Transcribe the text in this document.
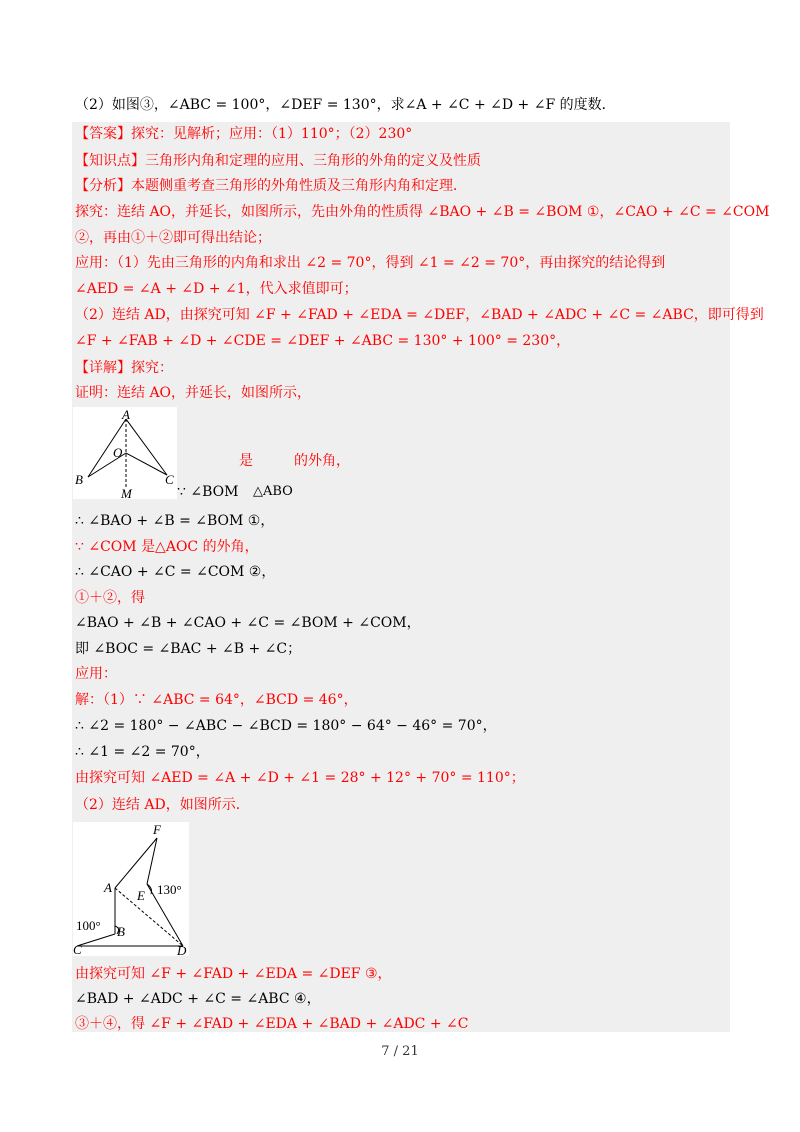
（2）如图③，∠ABC = 100°，∠DEF = 130°，求∠A + ∠C + ∠D + ∠F 的度数．
【答案】探究：见解析；应用：（1）110°；（2）230°
【知识点】三角形内角和定理的应用、三角形的外角的定义及性质
【分析】本题侧重考查三角形的外角性质及三角形内角和定理．
探究：连结 AO，并延长，如图所示，先由外角的性质得 ∠BAO + ∠B = ∠BOM ①，∠CAO + ∠C = ∠COM
②，再由①＋②即可得出结论；
应用：（1）先由三角形的内角和求出 ∠2 = 70°，得到 ∠1 = ∠2 = 70°，再由探究的结论得到
∠AED = ∠A + ∠D + ∠1，代入求值即可；
（2）连结 AD，由探究可知 ∠F + ∠FAD + ∠EDA = ∠DEF，∠BAD + ∠ADC + ∠C = ∠ABC，即可得到
∠F + ∠FAB + ∠D + ∠CDE = ∠DEF + ∠ABC = 130° + 100° = 230°，
【详解】探究：
证明：连结 AO，并延长，如图所示，
A
O
B	C
M
是	的外角，
∵ ∠BOM △ABO
∴ ∠BAO + ∠B = ∠BOM ①，
∵ ∠COM 是△AOC 的外角，
∴ ∠CAO + ∠C = ∠COM ②，
①＋②，得
∠BAO + ∠B + ∠CAO + ∠C = ∠BOM + ∠COM，
即 ∠BOC = ∠BAC + ∠B + ∠C；
应用：
解：（1）∵ ∠ABC = 64°，∠BCD = 46°，
∴ ∠2 = 180° − ∠ABC − ∠BCD = 180° − 64° − 46° = 70°，
∴ ∠1 = ∠2 = 70°，
由探究可知 ∠AED = ∠A + ∠D + ∠1 = 28° + 12° + 70° = 110°；
（2）连结 AD，如图所示．
F
A
E 130°
100°
C
B
D
由探究可知 ∠F + ∠FAD + ∠EDA = ∠DEF ③，
∠BAD + ∠ADC + ∠C = ∠ABC ④，
③＋④，得 ∠F + ∠FAD + ∠EDA + ∠BAD + ∠ADC + ∠C
7 / 21
